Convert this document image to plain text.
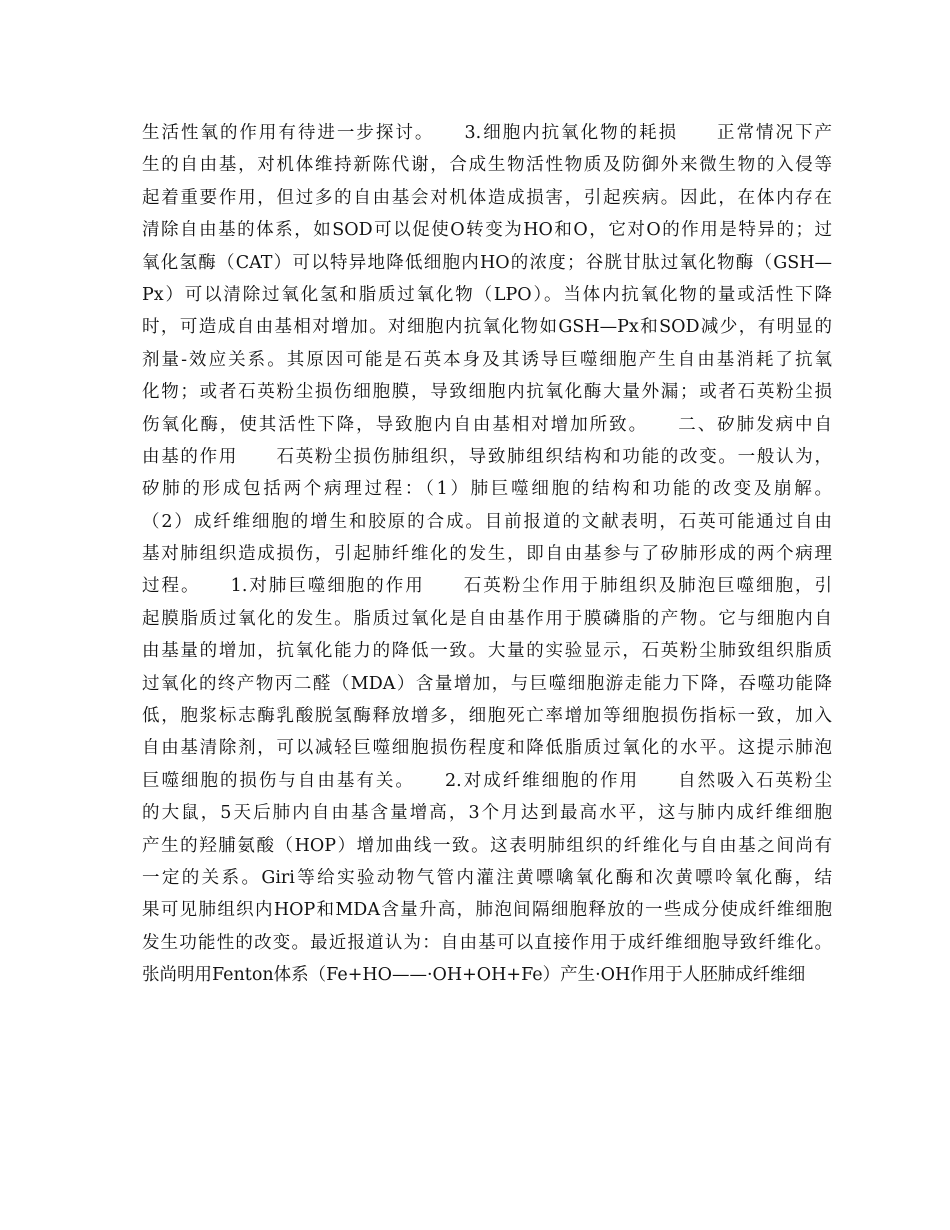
生活性氧的作用有待进一步探讨。　　3.细胞内抗氧化物的耗损　　正常情况下产
生的自由基，对机体维持新陈代谢，合成生物活性物质及防御外来微生物的入侵等
起着重要作用，但过多的自由基会对机体造成损害，引起疾病。因此，在体内存在
清除自由基的体系，如SOD可以促使O转变为HO和O，它对O的作用是特异的；过
氧化氢酶（CAT）可以特异地降低细胞内HO的浓度；谷胱甘肽过氧化物酶（GSH—
Px）可以清除过氧化氢和脂质过氧化物（LPO）。当体内抗氧化物的量或活性下降
时，可造成自由基相对增加。对细胞内抗氧化物如GSH—Px和SOD减少，有明显的
剂量-效应关系。其原因可能是石英本身及其诱导巨噬细胞产生自由基消耗了抗氧
化物；或者石英粉尘损伤细胞膜，导致细胞内抗氧化酶大量外漏；或者石英粉尘损
伤氧化酶，使其活性下降，导致胞内自由基相对增加所致。　　二、矽肺发病中自
由基的作用　　石英粉尘损伤肺组织，导致肺组织结构和功能的改变。一般认为，
矽肺的形成包括两个病理过程：（1）肺巨噬细胞的结构和功能的改变及崩解。
（2）成纤维细胞的增生和胶原的合成。目前报道的文献表明，石英可能通过自由
基对肺组织造成损伤，引起肺纤维化的发生，即自由基参与了矽肺形成的两个病理
过程。　　1.对肺巨噬细胞的作用　　石英粉尘作用于肺组织及肺泡巨噬细胞，引
起膜脂质过氧化的发生。脂质过氧化是自由基作用于膜磷脂的产物。它与细胞内自
由基量的增加，抗氧化能力的降低一致。大量的实验显示，石英粉尘肺致组织脂质
过氧化的终产物丙二醛（MDA）含量增加，与巨噬细胞游走能力下降，吞噬功能降
低，胞浆标志酶乳酸脱氢酶释放增多，细胞死亡率增加等细胞损伤指标一致，加入
自由基清除剂，可以减轻巨噬细胞损伤程度和降低脂质过氧化的水平。这提示肺泡
巨噬细胞的损伤与自由基有关。　　2.对成纤维细胞的作用　　自然吸入石英粉尘
的大鼠，5天后肺内自由基含量增高，3个月达到最高水平，这与肺内成纤维细胞
产生的羟脯氨酸（HOP）增加曲线一致。这表明肺组织的纤维化与自由基之间尚有
一定的关系。Giri等给实验动物气管内灌注黄嘌噙氧化酶和次黄嘌呤氧化酶，结
果可见肺组织内HOP和MDA含量升高，肺泡间隔细胞释放的一些成分使成纤维细胞
发生功能性的改变。最近报道认为：自由基可以直接作用于成纤维细胞导致纤维化。
张尚明用Fenton体系（Fe+HO——·OH+OH+Fe）产生·OH作用于人胚肺成纤维细
